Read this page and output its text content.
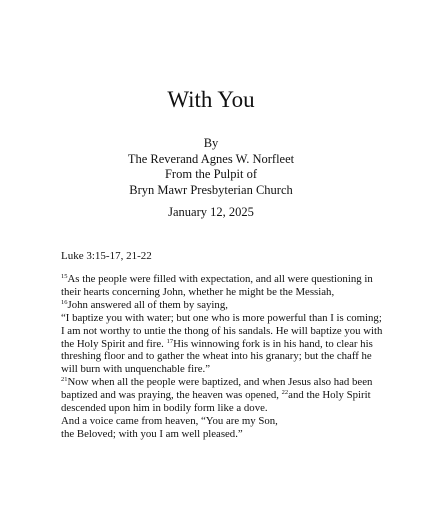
With You
By
The Reverand Agnes W. Norfleet
From the Pulpit of
Bryn Mawr Presbyterian Church
January 12, 2025
Luke 3:15-17, 21-22
$^{15}$As the people were filled with expectation, and all were questioning in
their hearts concerning John, whether he might be the Messiah,
$^{16}$John answered all of them by saying,
“I baptize you with water; but one who is more powerful than I is coming;
I am not worthy to untie the thong of his sandals. He will baptize you with
the Holy Spirit and fire. $^{17}$His winnowing fork is in his hand, to clear his
threshing floor and to gather the wheat into his granary; but the chaff he
will burn with unquenchable fire.”
$^{21}$Now when all the people were baptized, and when Jesus also had been
baptized and was praying, the heaven was opened, $^{22}$and the Holy Spirit
descended upon him in bodily form like a dove.
And a voice came from heaven, “You are my Son,
the Beloved; with you I am well pleased.”
